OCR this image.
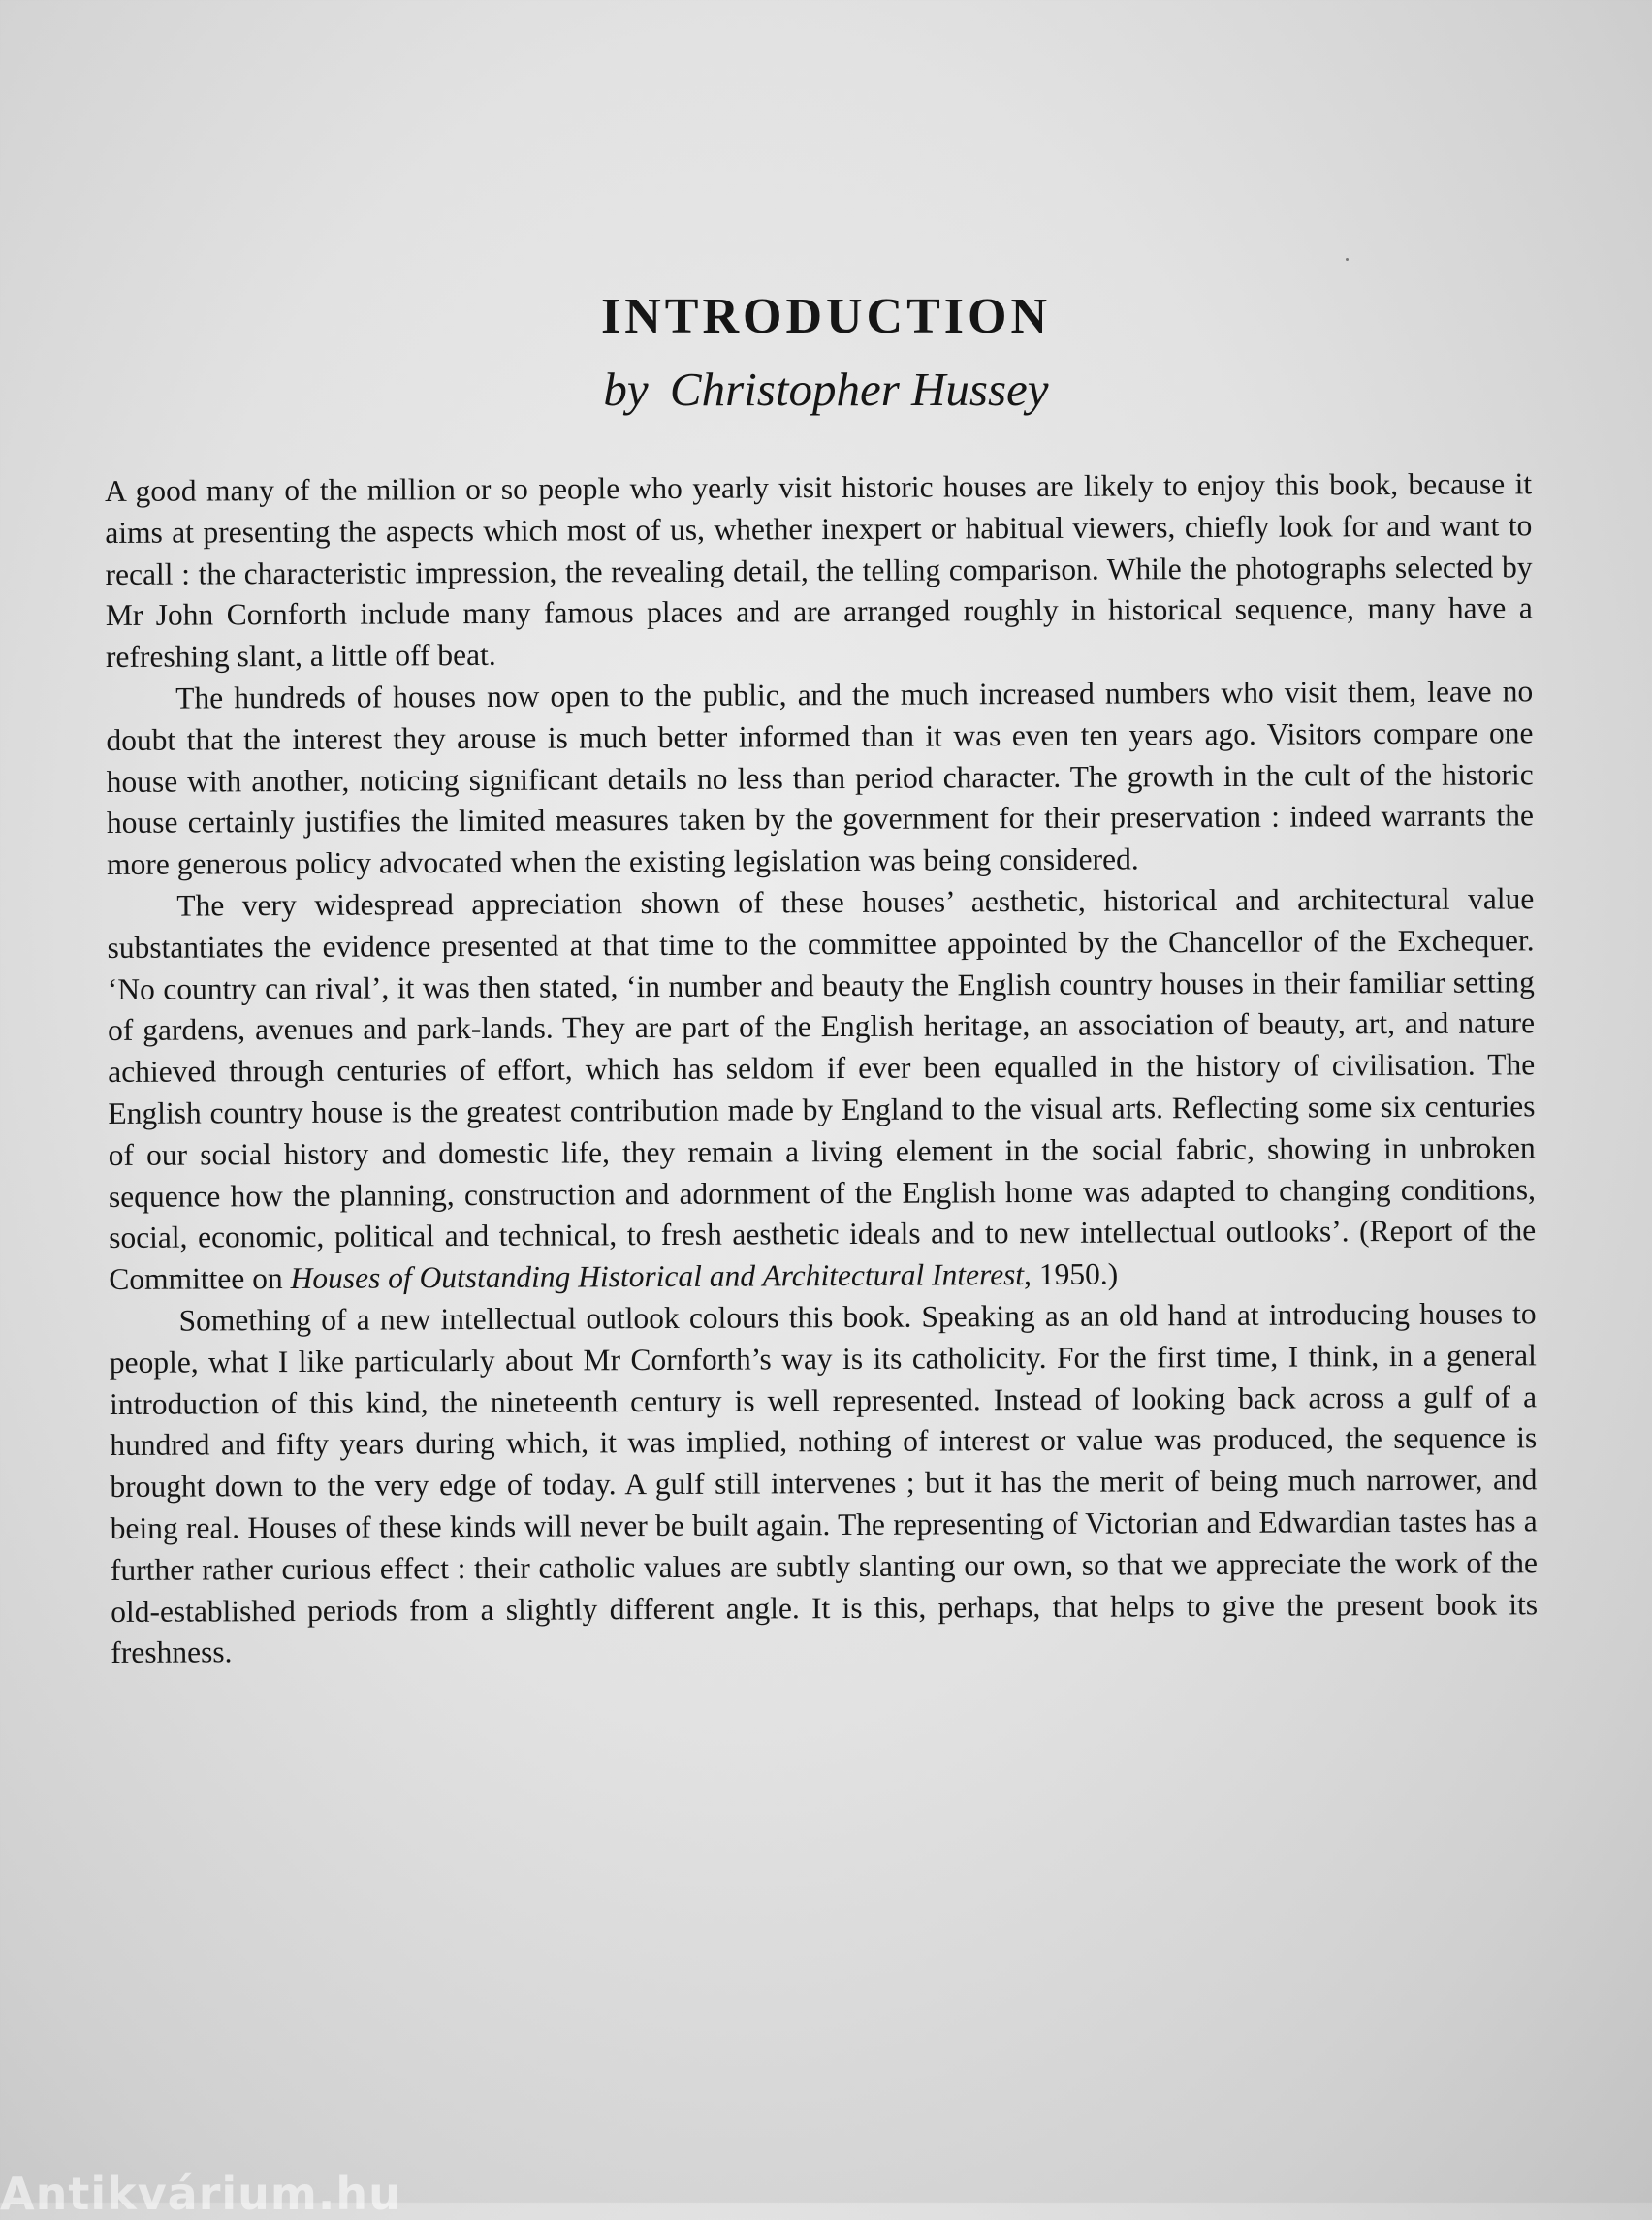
INTRODUCTION
by Christopher Hussey

A good many of the million or so people who yearly visit historic houses are likely to enjoy this book, because it aims at presenting the aspects which most of us, whether inexpert or habitual viewers, chiefly look for and want to recall : the characteristic impression, the revealing detail, the telling comparison. While the photographs selected by Mr John Cornforth include many famous places and are arranged roughly in historical sequence, many have a refreshing slant, a little off beat.

The hundreds of houses now open to the public, and the much increased numbers who visit them, leave no doubt that the interest they arouse is much better informed than it was even ten years ago. Visitors compare one house with another, noticing significant details no less than period character. The growth in the cult of the historic house certainly justifies the limited measures taken by the government for their preservation : indeed warrants the more generous policy advocated when the existing legislation was being considered.

The very widespread appreciation shown of these houses’ aesthetic, historical and architectural value substantiates the evidence presented at that time to the committee appointed by the Chancellor of the Exchequer. ‘No country can rival’, it was then stated, ‘in number and beauty the English country houses in their familiar setting of gardens, avenues and park-lands. They are part of the English heritage, an association of beauty, art, and nature achieved through centuries of effort, which has seldom if ever been equalled in the history of civilisation. The English country house is the greatest contribution made by England to the visual arts. Reflecting some six centuries of our social history and domestic life, they remain a living element in the social fabric, showing in unbroken sequence how the planning, construction and adornment of the English home was adapted to changing conditions, social, economic, political and technical, to fresh aesthetic ideals and to new intellectual outlooks’. (Report of the Committee on Houses of Outstanding Historical and Architectural Interest, 1950.)

Something of a new intellectual outlook colours this book. Speaking as an old hand at introducing houses to people, what I like particularly about Mr Cornforth’s way is its catholicity. For the first time, I think, in a general introduction of this kind, the nineteenth century is well represented. Instead of looking back across a gulf of a hundred and fifty years during which, it was implied, nothing of interest or value was produced, the sequence is brought down to the very edge of today. A gulf still intervenes ; but it has the merit of being much narrower, and being real. Houses of these kinds will never be built again. The representing of Victorian and Edwardian tastes has a further rather curious effect : their catholic values are subtly slanting our own, so that we appreciate the work of the old-established periods from a slightly different angle. It is this, perhaps, that helps to give the present book its freshness.

Antikvárium.hu
